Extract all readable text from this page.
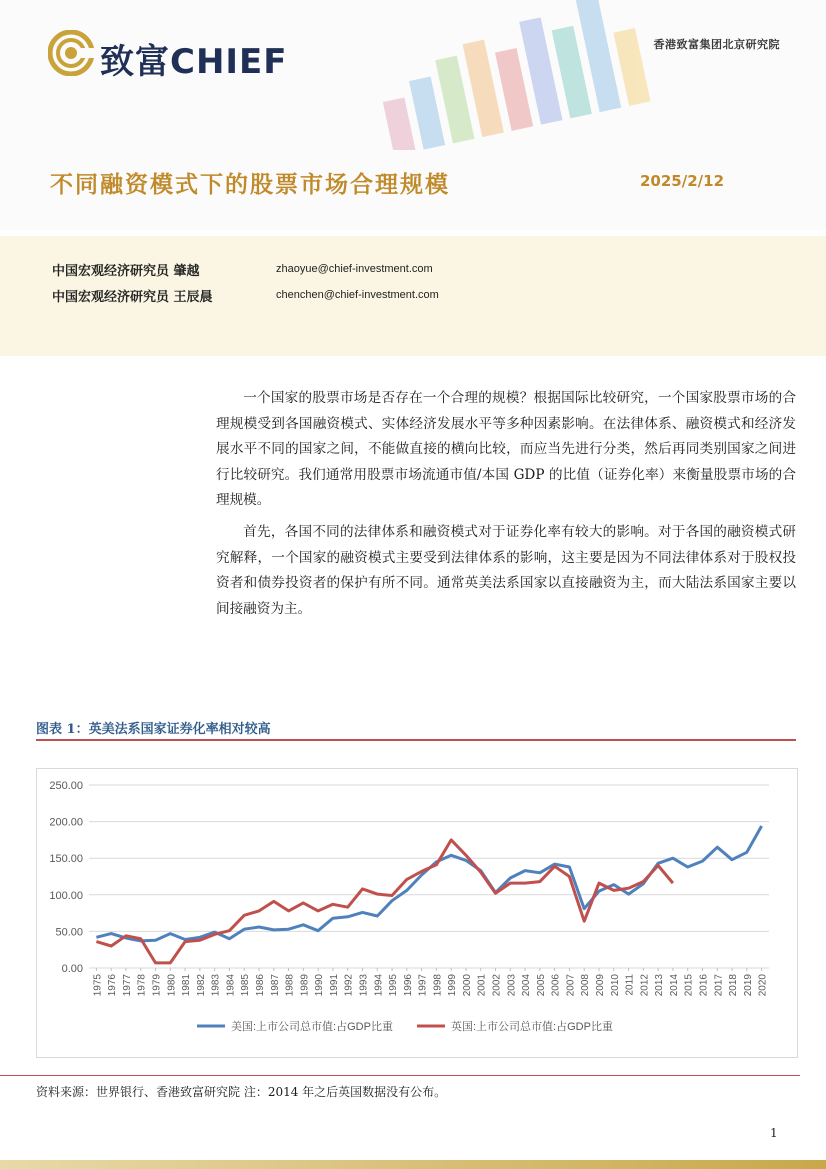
致富CHIEF	香港致富集团北京研究院
不同融资模式下的股票市场合理规模	2025/2/12
中国宏观经济研究员 肇越	zhaoyue@chief-investment.com
中国宏观经济研究员 王辰晨	chenchen@chief-investment.com

一个国家的股票市场是否存在一个合理的规模？根据国际比较研究，一个国家股票市场的合理规模受到各国融资模式、实体经济发展水平等多种因素影响。在法律体系、融资模式和经济发展水平不同的国家之间，不能做直接的横向比较，而应当先进行分类，然后再同类别国家之间进行比较研究。我们通常用股票市场流通市值/本国 GDP 的比值（证券化率）来衡量股票市场的合理规模。

首先，各国不同的法律体系和融资模式对于证券化率有较大的影响。对于各国的融资模式研究解释，一个国家的融资模式主要受到法律体系的影响，这主要是因为不同法律体系对于股权投资者和债券投资者的保护有所不同。通常英美法系国家以直接融资为主，而大陆法系国家主要以间接融资为主。

图表 1：英美法系国家证券化率相对较高
0.00
50.00
100.00
150.00
200.00
250.00
1975 1976 1977 1978 1979 1980 1981 1982 1983 1984 1985 1986 1987 1988 1989 1990 1991 1992 1993 1994 1995 1996 1997 1998 1999 2000 2001 2002 2003 2004 2005 2006 2007 2008 2009 2010 2011 2012 2013 2014 2015 2016 2017 2018 2019 2020
美国:上市公司总市值:占GDP比重	英国:上市公司总市值:占GDP比重
资料来源：世界银行、香港致富研究院 注：2014 年之后英国数据没有公布。
1
